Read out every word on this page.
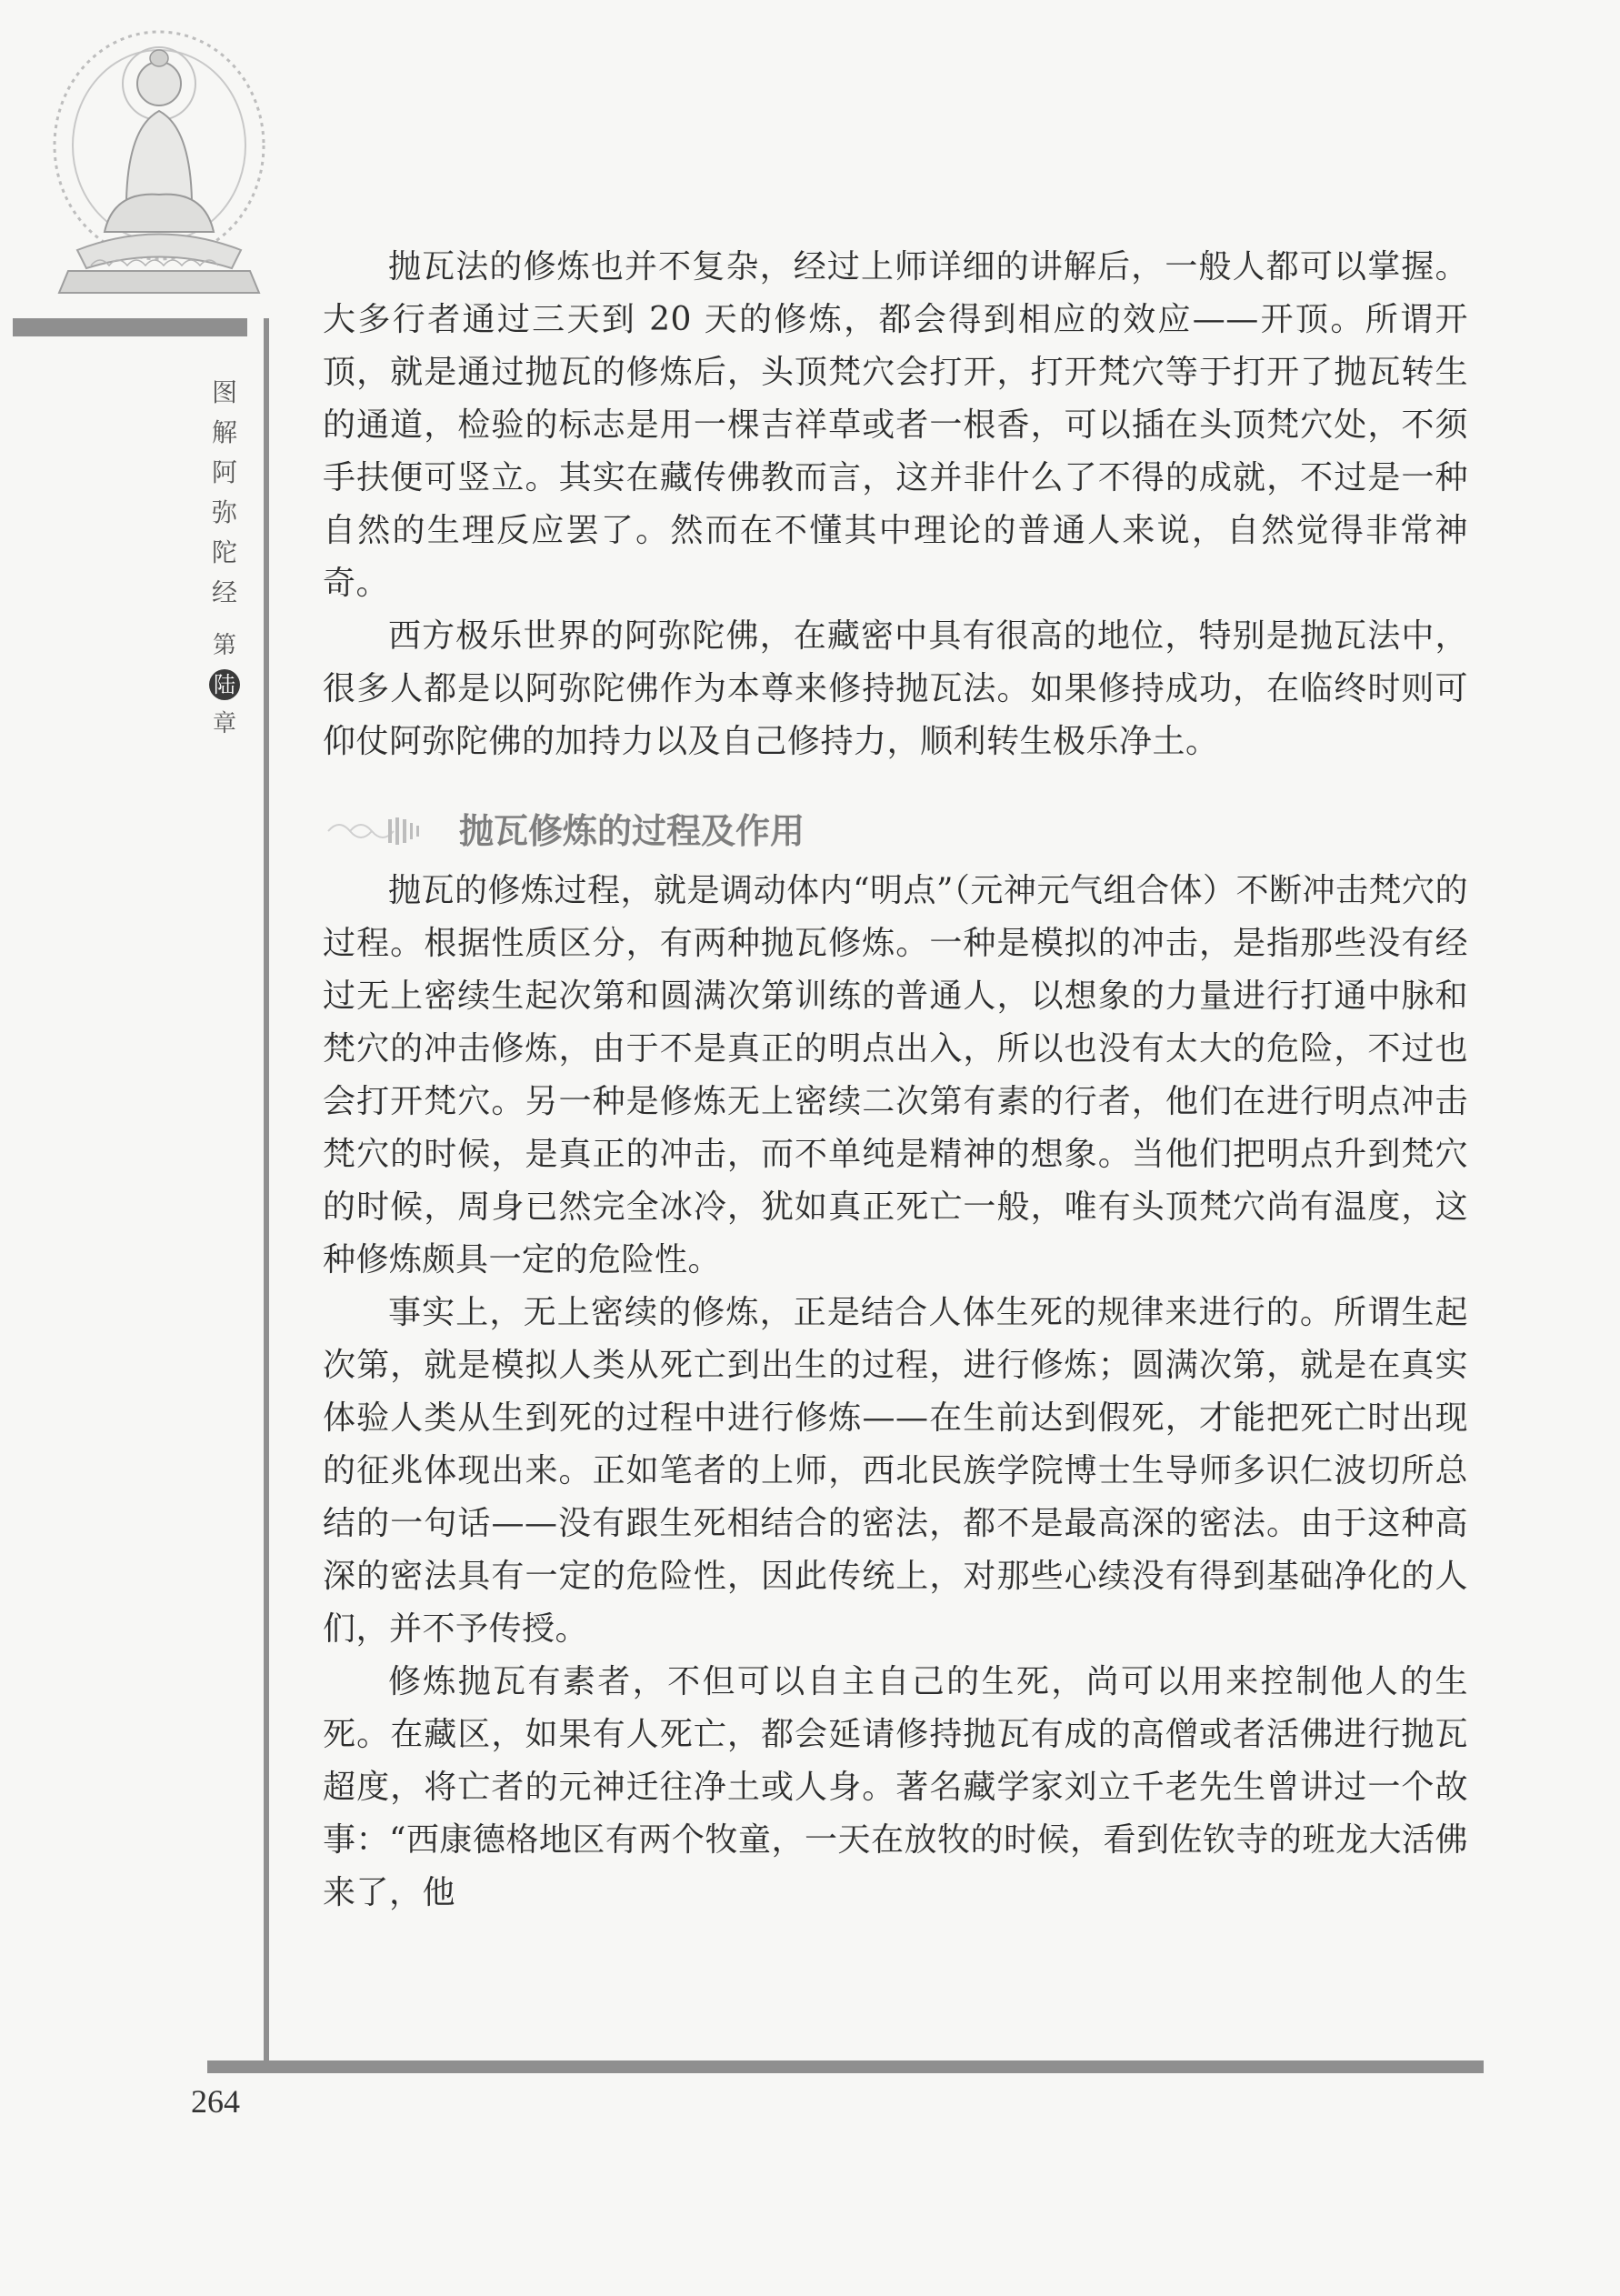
图
解
阿
弥
陀
经
第
陆
章

抛瓦法的修炼也并不复杂，经过上师详细的讲解后，一般人都可以掌握。大多行者通过三天到 20 天的修炼，都会得到相应的效应——开顶。所谓开顶，就是通过抛瓦的修炼后，头顶梵穴会打开，打开梵穴等于打开了抛瓦转生的通道，检验的标志是用一棵吉祥草或者一根香，可以插在头顶梵穴处，不须手扶便可竖立。其实在藏传佛教而言，这并非什么了不得的成就，不过是一种自然的生理反应罢了。然而在不懂其中理论的普通人来说，自然觉得非常神奇。

西方极乐世界的阿弥陀佛，在藏密中具有很高的地位，特别是抛瓦法中，很多人都是以阿弥陀佛作为本尊来修持抛瓦法。如果修持成功，在临终时则可仰仗阿弥陀佛的加持力以及自己修持力，顺利转生极乐净土。

抛瓦修炼的过程及作用

抛瓦的修炼过程，就是调动体内“明点”（元神元气组合体）不断冲击梵穴的过程。根据性质区分，有两种抛瓦修炼。一种是模拟的冲击，是指那些没有经过无上密续生起次第和圆满次第训练的普通人，以想象的力量进行打通中脉和梵穴的冲击修炼，由于不是真正的明点出入，所以也没有太大的危险，不过也会打开梵穴。另一种是修炼无上密续二次第有素的行者，他们在进行明点冲击梵穴的时候，是真正的冲击，而不单纯是精神的想象。当他们把明点升到梵穴的时候，周身已然完全冰冷，犹如真正死亡一般，唯有头顶梵穴尚有温度，这种修炼颇具一定的危险性。

事实上，无上密续的修炼，正是结合人体生死的规律来进行的。所谓生起次第，就是模拟人类从死亡到出生的过程，进行修炼；圆满次第，就是在真实体验人类从生到死的过程中进行修炼——在生前达到假死，才能把死亡时出现的征兆体现出来。正如笔者的上师，西北民族学院博士生导师多识仁波切所总结的一句话——没有跟生死相结合的密法，都不是最高深的密法。由于这种高深的密法具有一定的危险性，因此传统上，对那些心续没有得到基础净化的人们，并不予传授。

修炼抛瓦有素者，不但可以自主自己的生死，尚可以用来控制他人的生死。在藏区，如果有人死亡，都会延请修持抛瓦有成的高僧或者活佛进行抛瓦超度，将亡者的元神迁往净土或人身。著名藏学家刘立千老先生曾讲过一个故事：“西康德格地区有两个牧童，一天在放牧的时候，看到佐钦寺的班龙大活佛来了，他

264
